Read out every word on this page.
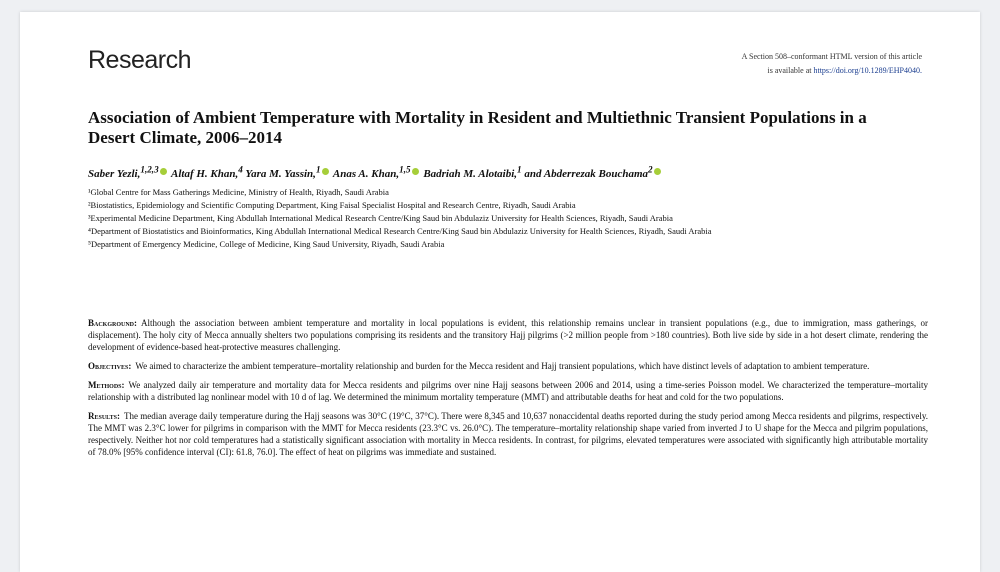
Research	A Section 508–conformant HTML version of this article
is available at https://doi.org/10.1289/EHP4040.
Association of Ambient Temperature with Mortality in Resident and Multiethnic Transient Populations in a Desert Climate, 2006–2014
Saber Yezli,$^{1,2,3}$ Altaf H. Khan,$^4$ Yara M. Yassin,$^1$ Anas A. Khan,$^{1,5}$ Badriah M. Alotaibi,$^1$ and Abderrezak Bouchama$^2$
¹Global Centre for Mass Gatherings Medicine, Ministry of Health, Riyadh, Saudi Arabia
²Biostatistics, Epidemiology and Scientific Computing Department, King Faisal Specialist Hospital and Research Centre, Riyadh, Saudi Arabia
³Experimental Medicine Department, King Abdullah International Medical Research Centre/King Saud bin Abdulaziz University for Health Sciences, Riyadh, Saudi Arabia
⁴Department of Biostatistics and Bioinformatics, King Abdullah International Medical Research Centre/King Saud bin Abdulaziz University for Health Sciences, Riyadh, Saudi Arabia
⁵Department of Emergency Medicine, College of Medicine, King Saud University, Riyadh, Saudi Arabia

Background: Although the association between ambient temperature and mortality in local populations is evident, this relationship remains unclear in transient populations (e.g., due to immigration, mass gatherings, or displacement). The holy city of Mecca annually shelters two populations comprising its residents and the transitory Hajj pilgrims (>2 million people from >180 countries). Both live side by side in a hot desert climate, rendering the development of evidence-based heat-protective measures challenging.

Objectives: We aimed to characterize the ambient temperature–mortality relationship and burden for the Mecca resident and Hajj transient populations, which have distinct levels of adaptation to ambient temperature.

Methods: We analyzed daily air temperature and mortality data for Mecca residents and pilgrims over nine Hajj seasons between 2006 and 2014, using a time-series Poisson model. We characterized the temperature–mortality relationship with a distributed lag nonlinear model with 10 d of lag. We determined the minimum mortality temperature (MMT) and attributable deaths for heat and cold for the two populations.

Results: The median average daily temperature during the Hajj seasons was 30°C (19°C, 37°C). There were 8,345 and 10,637 nonaccidental deaths reported during the study period among Mecca residents and pilgrims, respectively. The MMT was 2.3°C lower for pilgrims in comparison with the MMT for Mecca residents (23.3°C vs. 26.0°C). The temperature–mortality relationship shape varied from inverted J to U shape for the Mecca and pilgrim populations, respectively. Neither hot nor cold temperatures had a statistically significant association with mortality in Mecca residents. In contrast, for pilgrims, elevated temperatures were associated with significantly high attributable mortality of 78.0% [95% confidence interval (CI): 61.8, 76.0]. The effect of heat on pilgrims was immediate and sustained.
